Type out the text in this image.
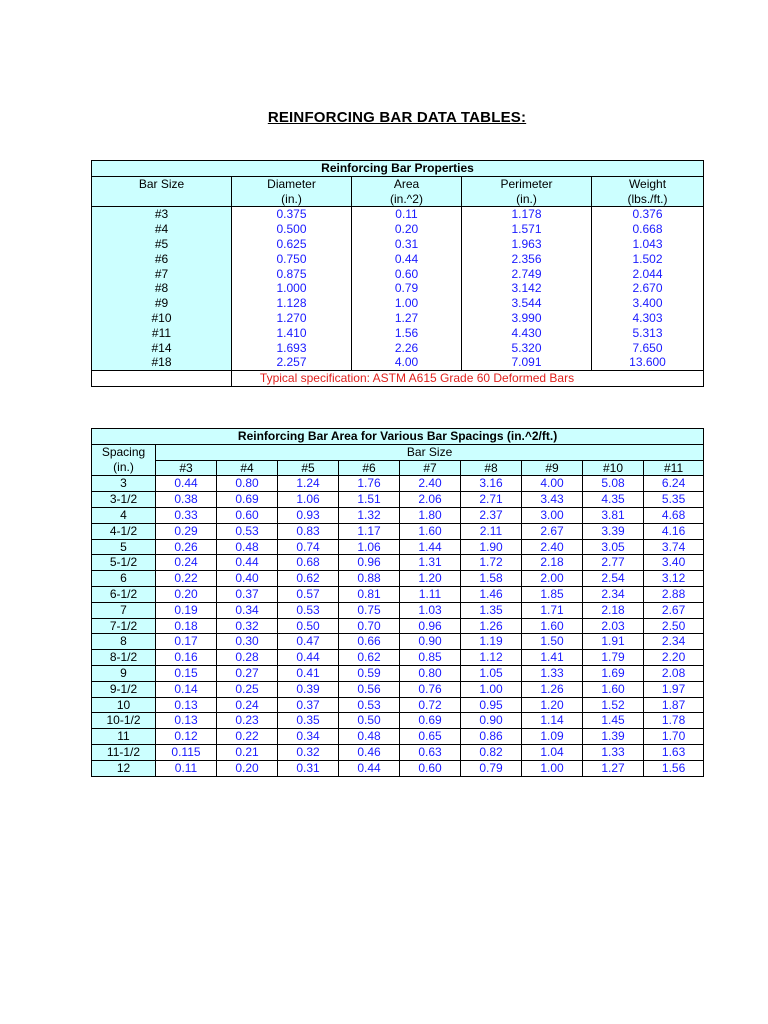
REINFORCING BAR DATA TABLES:
Reinforcing Bar Properties				
Bar Size	Diameter	Area	Perimeter	Weight
	(in.)	(in.^2)	(in.)	(lbs./ft.)
#3	0.375	0.11	1.178	0.376
#4	0.500	0.20	1.571	0.668
#5	0.625	0.31	1.963	1.043
#6	0.750	0.44	2.356	1.502
#7	0.875	0.60	2.749	2.044
#8	1.000	0.79	3.142	2.670
#9	1.128	1.00	3.544	3.400
#10	1.270	1.27	3.990	4.303
#11	1.410	1.56	4.430	5.313
#14	1.693	2.26	5.320	7.650
#18	2.257	4.00	7.091	13.600

	Typical specification: ASTM A615 Grade 60 Deformed Bars			
Reinforcing Bar Area for Various Bar Spacings (in.^2/ft.)									
Spacing	Bar Size								
(in.)	#3	#4	#5	#6	#7	#8	#9	#10	#11
3	0.44	0.80	1.24	1.76	2.40	3.16	4.00	5.08	6.24
3-1/2	0.38	0.69	1.06	1.51	2.06	2.71	3.43	4.35	5.35
4	0.33	0.60	0.93	1.32	1.80	2.37	3.00	3.81	4.68
4-1/2	0.29	0.53	0.83	1.17	1.60	2.11	2.67	3.39	4.16
5	0.26	0.48	0.74	1.06	1.44	1.90	2.40	3.05	3.74
5-1/2	0.24	0.44	0.68	0.96	1.31	1.72	2.18	2.77	3.40
6	0.22	0.40	0.62	0.88	1.20	1.58	2.00	2.54	3.12
6-1/2	0.20	0.37	0.57	0.81	1.11	1.46	1.85	2.34	2.88
7	0.19	0.34	0.53	0.75	1.03	1.35	1.71	2.18	2.67
7-1/2	0.18	0.32	0.50	0.70	0.96	1.26	1.60	2.03	2.50
8	0.17	0.30	0.47	0.66	0.90	1.19	1.50	1.91	2.34
8-1/2	0.16	0.28	0.44	0.62	0.85	1.12	1.41	1.79	2.20
9	0.15	0.27	0.41	0.59	0.80	1.05	1.33	1.69	2.08
9-1/2	0.14	0.25	0.39	0.56	0.76	1.00	1.26	1.60	1.97
10	0.13	0.24	0.37	0.53	0.72	0.95	1.20	1.52	1.87
10-1/2	0.13	0.23	0.35	0.50	0.69	0.90	1.14	1.45	1.78
11	0.12	0.22	0.34	0.48	0.65	0.86	1.09	1.39	1.70
11-1/2	0.115	0.21	0.32	0.46	0.63	0.82	1.04	1.33	1.63
12	0.11	0.20	0.31	0.44	0.60	0.79	1.00	1.27	1.56
